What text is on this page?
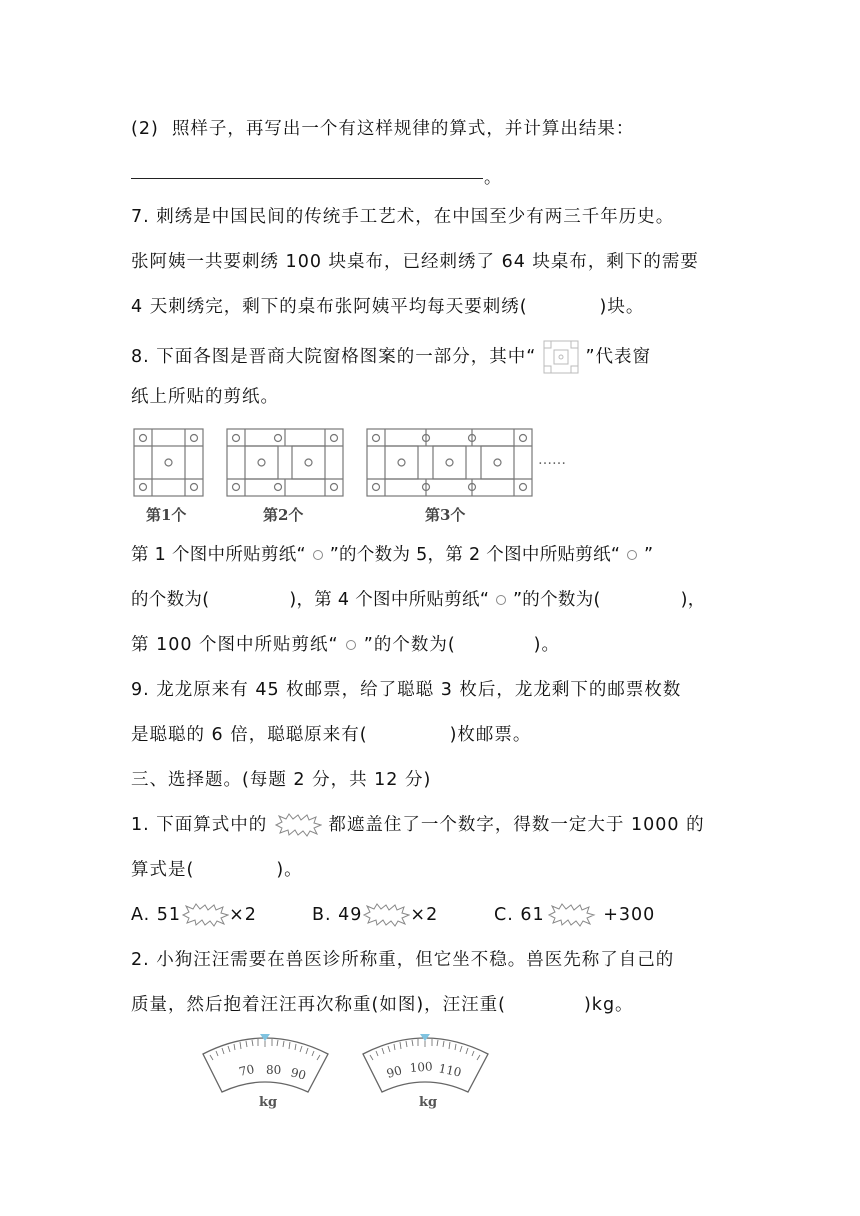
(2) 照样子，再写出一个有这样规律的算式，并计算出结果：
。
7. 刺绣是中国民间的传统手工艺术，在中国至少有两三千年历史。
张阿姨一共要刺绣 100 块桌布，已经刺绣了 64 块桌布，剩下的需要
4 天刺绣完，剩下的桌布张阿姨平均每天要刺绣(	)块。
8. 下面各图是晋商大院窗格图案的一部分，其中“	”代表窗
纸上所贴的剪纸。
……
第1个	第2个	第3个
第 1 个图中所贴剪纸“ ”的个数为 5，第 2 个图中所贴剪纸“ ”
的个数为(	)，第 4 个图中所贴剪纸“ ”的个数为(	)，
第 100 个图中所贴剪纸“ ”的个数为(	)。
9. 龙龙原来有 45 枚邮票，给了聪聪 3 枚后，龙龙剩下的邮票枚数
是聪聪的 6 倍，聪聪原来有(	)枚邮票。
三、选择题。(每题 2 分，共 12 分)
1. 下面算式中的	都遮盖住了一个数字，得数一定大于 1000 的
算式是(	)。
A. 51	×2	B. 49	×2	C. 61	+300
2. 小狗汪汪需要在兽医诊所称重，但它坐不稳。兽医先称了自己的
质量，然后抱着汪汪再次称重(如图)，汪汪重(	)kg。
70 80 90	90 100 110
kg	kg
